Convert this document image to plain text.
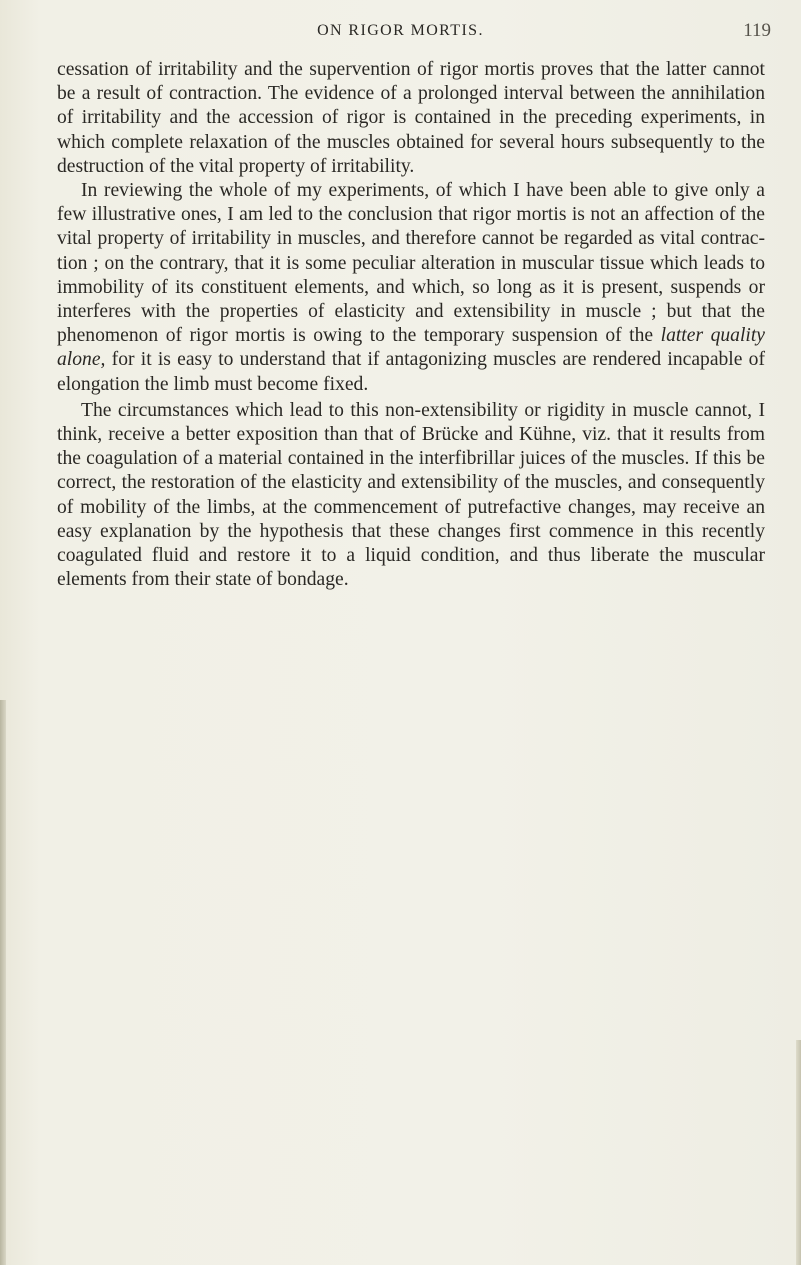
ON RIGOR MORTIS.	119

cessation of irritability and the supervention of rigor mortis proves that the latter cannot be a result of contraction. The evidence of a prolonged interval between the annihilation of irritability and the accession of rigor is contained in the preceding experiments, in which complete relaxation of the muscles obtained for several hours subsequently to the destruction of the vital property of irritability.

In reviewing the whole of my experiments, of which I have been able to give only a few illustrative ones, I am led to the conclusion that rigor mortis is not an affection of the vital property of irritability in muscles, and therefore cannot be regarded as vital contraction ; on the contrary, that it is some peculiar alteration in muscular tissue which leads to immobility of its constituent elements, and which, so long as it is present, suspends or interferes with the properties of elasticity and extensibility in muscle ; but that the phenomenon of rigor mortis is owing to the temporary suspension of the latter quality alone, for it is easy to understand that if antagonizing muscles are rendered incapable of elongation the limb must become fixed.

The circumstances which lead to this non-extensibility or rigidity in muscle cannot, I think, receive a better exposition than that of Brücke and Kühne, viz. that it results from the coagulation of a material contained in the interfibrillar juices of the muscles. If this be correct, the restoration of the elasticity and extensibility of the muscles, and consequently of mobility of the limbs, at the commencement of putrefactive changes, may receive an easy explanation by the hypothesis that these changes first commence in this recently coagulated fluid and restore it to a liquid condition, and thus liberate the muscular elements from their state of bondage.
